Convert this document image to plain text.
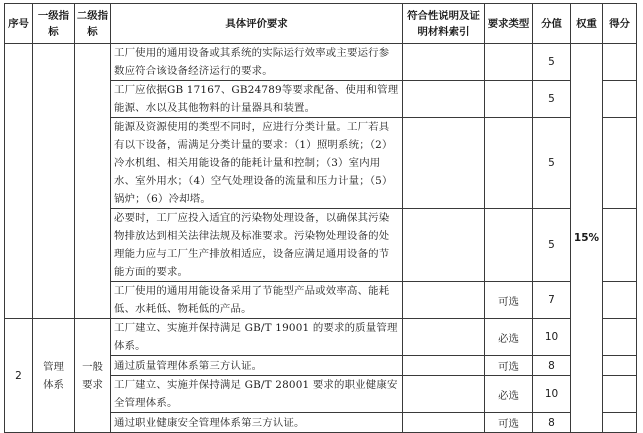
序号	一级指标	二级指标	具体评价要求	符合性说明及证明材料索引	要求类型	分值	权重	得分
			工厂使用的通用设备或其系统的实际运行效率或主要运行参数应符合该设备经济运行的要求。			5	15%	
			工厂应依据GB 17167、GB24789等要求配备、使用和管理能源、水以及其他物料的计量器具和装置。			5		
			能源及资源使用的类型不同时，应进行分类计量。工厂若具有以下设备，需满足分类计量的要求：（1）照明系统；（2）冷水机组、相关用能设备的能耗计量和控制；（3）室内用水、室外用水；（4）空气处理设备的流量和压力计量；（5）锅炉；（6）冷却塔。			5		
			必要时，工厂应投入适宜的污染物处理设备，以确保其污染物排放达到相关法律法规及标准要求。污染物处理设备的处理能力应与工厂生产排放相适应，设备应满足通用设备的节能方面的要求。			5		
			工厂使用的通用用能设备采用了节能型产品或效率高、能耗低、水耗低、物耗低的产品。		可选	7		
2	管理体系	一般要求	工厂建立、实施并保持满足 GB/T 19001 的要求的质量管理体系。		必选	10		
			通过质量管理体系第三方认证。		可选	8		
			工厂建立、实施并保持满足 GB/T 28001 要求的职业健康安全管理体系。		必选	10		
			通过职业健康安全管理体系第三方认证。		可选	8		
